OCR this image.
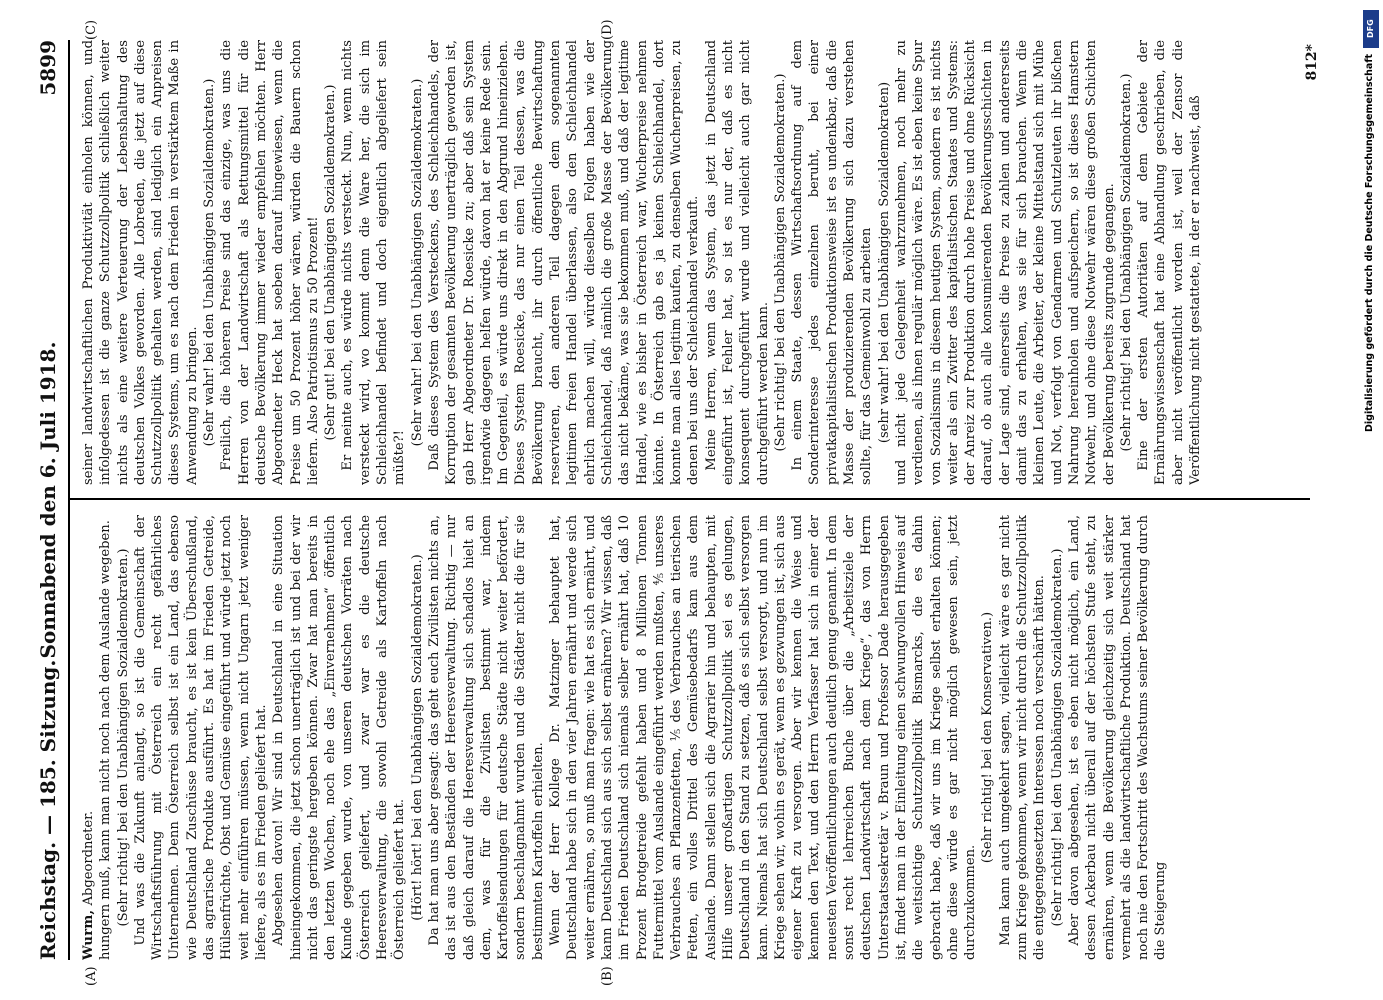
Reichstag. — 185. Sitzung.
Sonnabend den 6. Juli 1918.
5899
(A)	(B)
(C)	(D)

Wurm, Abgeordneter. hungern muß, kann man nicht noch nach dem Auslande wegeben. (Sehr richtig! bei den Unabhängigen Sozialdemokraten.) Und was die Zukunft anlangt, so ist die Gemeinschaft der Wirtschaftsführung mit Österreich ein recht gefährliches Unternehmen. Denn Österreich selbst ist ein Land, das ebenso wie Deutschland Zuschüsse braucht, es ist kein Überschußland, das agrarische Produkte ausführt. Es hat im Frieden Getreide, Hülsenfrüchte, Obst und Gemüse eingeführt und würde jetzt noch weit mehr einführen müssen, wenn nicht Ungarn jetzt weniger liefere, als es im Frieden geliefert hat. Abgesehen davon! Wir sind in Deutschland in eine Situation hineingekommen, die jetzt schon unerträglich ist und bei der wir nicht das geringste hergeben können. Zwar hat man bereits in den letzten Wochen, noch ehe das „Einvernehmen“ öffentlich Kunde gegeben wurde, von unseren deutschen Vorräten nach Österreich geliefert, und zwar war es die deutsche Heeresverwaltung, die sowohl Getreide als Kartoffeln nach Österreich geliefert hat. (Hört! hört! bei den Unabhängigen Sozialdemokraten.) Da hat man uns aber gesagt: das geht euch Zivilisten nichts an, das ist aus den Beständen der Heeresverwaltung. Richtig — nur daß gleich darauf die Heeresverwaltung sich schadlos hielt an dem, was für die Zivilisten bestimmt war, indem Kartoffelsendungen für deutsche Städte nicht weiter befördert, sondern beschlagnahmt wurden und die Städter nicht die für sie bestimmten Kartoffeln erhielten. Wenn der Herr Kollege Dr. Matzinger behauptet hat, Deutschland habe sich in den vier Jahren ernährt und werde sich weiter ernähren, so muß man fragen: wie hat es sich ernährt, und kann Deutschland sich aus sich selbst ernähren? Wir wissen, daß im Frieden Deutschland sich niemals selber ernährt hat, daß 10 Prozent Brotgetreide gefehlt haben und 8 Millionen Tonnen Futtermittel vom Auslande eingeführt werden mußten, ⅘ unseres Verbrauches an Pflanzenfetten, ⅕ des Verbrauches an tierischen Fetten, ein volles Drittel des Gemüsebedarfs kam aus dem Auslande. Dann stellen sich die Agrarier hin und behaupten, mit Hilfe unserer großartigen Schutzzollpolitik sei es gelungen, Deutschland in den Stand zu setzen, daß es sich selbst versorgen kann. Niemals hat sich Deutschland selbst versorgt, und nun im Kriege sehen wir, wohin es gerät, wenn es gezwungen ist, sich aus eigener Kraft zu versorgen. Aber wir kennen die Weise und kennen den Text, und den Herrn Verfasser hat sich in einer der neuesten Veröffentlichungen auch deutlich genug genannt. In dem sonst recht lehrreichen Buche über die „Arbeitsziele der deutschen Landwirtschaft nach dem Kriege“, das von Herrn Unterstaatssekretär v. Braun und Professor Dade herausgegeben ist, findet man in der Einleitung einen schwungvollen Hinweis auf die weitsichtige Schutzzollpolitik Bismarcks, die es dahin gebracht habe, daß wir uns im Kriege selbst erhalten können; ohne diese würde es gar nicht möglich gewesen sein, jetzt durchzukommen.

(Sehr richtig! bei den Konservativen.) Man kann auch umgekehrt sagen, vielleicht wäre es gar nicht zum Kriege gekommen, wenn wir nicht durch die Schutzzollpolitik die entgegengesetzten Interessen noch verschärft hätten. (Sehr richtig! bei den Unabhängigen Sozialdemokraten.) Aber davon abgesehen, ist es eben nicht möglich, ein Land, dessen Ackerbau nicht überall auf der höchsten Stufe steht, zu ernähren, wenn die Bevölkerung gleichzeitig sich weit stärker vermehrt als die landwirtschaftliche Produktion. Deutschland hat noch nie den Fortschritt des Wachstums seiner Bevölkerung durch die Steigerung

seiner landwirtschaftlichen Produktivität einholen können, und infolgedessen ist die ganze Schutzzollpolitik schließlich weiter nichts als eine weitere Verteuerung der Lebenshaltung des deutschen Volkes geworden. Alle Lobreden, die jetzt auf diese Schutzzollpolitik gehalten werden, sind lediglich ein Anpreisen dieses Systems, um es nach dem Frieden in verstärktem Maße in Anwendung zu bringen. (Sehr wahr! bei den Unabhängigen Sozialdemokraten.) Freilich, die höheren Preise sind das einzige, was uns die Herren von der Landwirtschaft als Rettungsmittel für die deutsche Bevölkerung immer wieder empfehlen möchten. Herr Abgeordneter Heck hat soeben darauf hingewiesen, wenn die Preise um 50 Prozent höher wären, würden die Bauern schon liefern. Also Patriotismus zu 50 Prozent! (Sehr gut! bei den Unabhängigen Sozialdemokraten.) Er meinte auch, es würde nichts versteckt. Nun, wenn nichts versteckt wird, wo kommt denn die Ware her, die sich im Schleichhandel befindet und doch eigentlich abgeliefert sein müßte?!

(Sehr wahr! bei den Unabhängigen Sozialdemokraten.) Daß dieses System des Versteckens, des Schleichhandels, der Korruption der gesamten Bevölkerung unerträglich geworden ist, gab Herr Abgeordneter Dr. Roesicke zu; aber daß sein System irgendwie dagegen helfen würde, davon hat er keine Rede sein. Im Gegenteil, es würde uns direkt in den Abgrund hineinziehen. Dieses System Roesicke, das nur einen Teil dessen, was die Bevölkerung braucht, ihr durch öffentliche Bewirtschaftung reservieren, den anderen Teil dagegen dem sogenannten legitimen freien Handel überlassen, also den Schleichhandel ehrlich machen will, würde dieselben Folgen haben wie der Schleichhandel, daß nämlich die große Masse der Bevölkerung das nicht bekäme, was sie bekommen muß, und daß der legitime Handel, wie es bisher in Österreich war, Wucherpreise nehmen könnte. In Österreich gab es ja keinen Schleichhandel, dort konnte man alles legitim kaufen, zu denselben Wucherpreisen, zu denen bei uns der Schleichhandel verkauft. Meine Herren, wenn das System, das jetzt in Deutschland eingeführt ist, Fehler hat, so ist es nur der, daß es nicht konsequent durchgeführt wurde und vielleicht auch gar nicht durchgeführt werden kann. (Sehr richtig! bei den Unabhängigen Sozialdemokraten.) In einem Staate, dessen Wirtschaftsordnung auf dem Sonderinteresse jedes einzelnen beruht, bei einer privatkapitalistischen Produktionsweise ist es undenkbar, daß die Masse der produzierenden Bevölkerung sich dazu verstehen sollte, für das Gemeinwohl zu arbeiten (sehr wahr! bei den Unabhängigen Sozialdemokraten) und nicht jede Gelegenheit wahrzunehmen, noch mehr zu verdienen, als ihnen regulär möglich wäre. Es ist eben keine Spur von Sozialismus in diesem heutigen System, sondern es ist nichts weiter als ein Zwitter des kapitalistischen Staates und Systems: der Anreiz zur Produktion durch hohe Preise und ohne Rücksicht darauf, ob auch alle konsumierenden Bevölkerungsschichten in der Lage sind, einerseits die Preise zu zahlen und andererseits damit das zu erhalten, was sie für sich brauchen. Wenn die kleinen Leute, die Arbeiter, der kleine Mittelstand sich mit Mühe und Not, verfolgt von Gendarmen und Schutzleuten ihr bißchen Nahrung hereinholen und aufspeichern, so ist dieses Hamstern Notwehr, und ohne diese Notwehr wären diese großen Schichten der Bevölkerung bereits zugrunde gegangen. (Sehr richtig! bei den Unabhängigen Sozialdemokraten.) Eine der ersten Autoritäten auf dem Gebiete der Ernährungswissenschaft hat eine Abhandlung geschrieben, die aber nicht veröffentlicht worden ist, weil der Zensor die Veröffentlichung nicht gestattete, in der er nachweist, daß

812*
DFG
Digitalisierung gefördert durch die Deutsche Forschungsgemeinschaft
